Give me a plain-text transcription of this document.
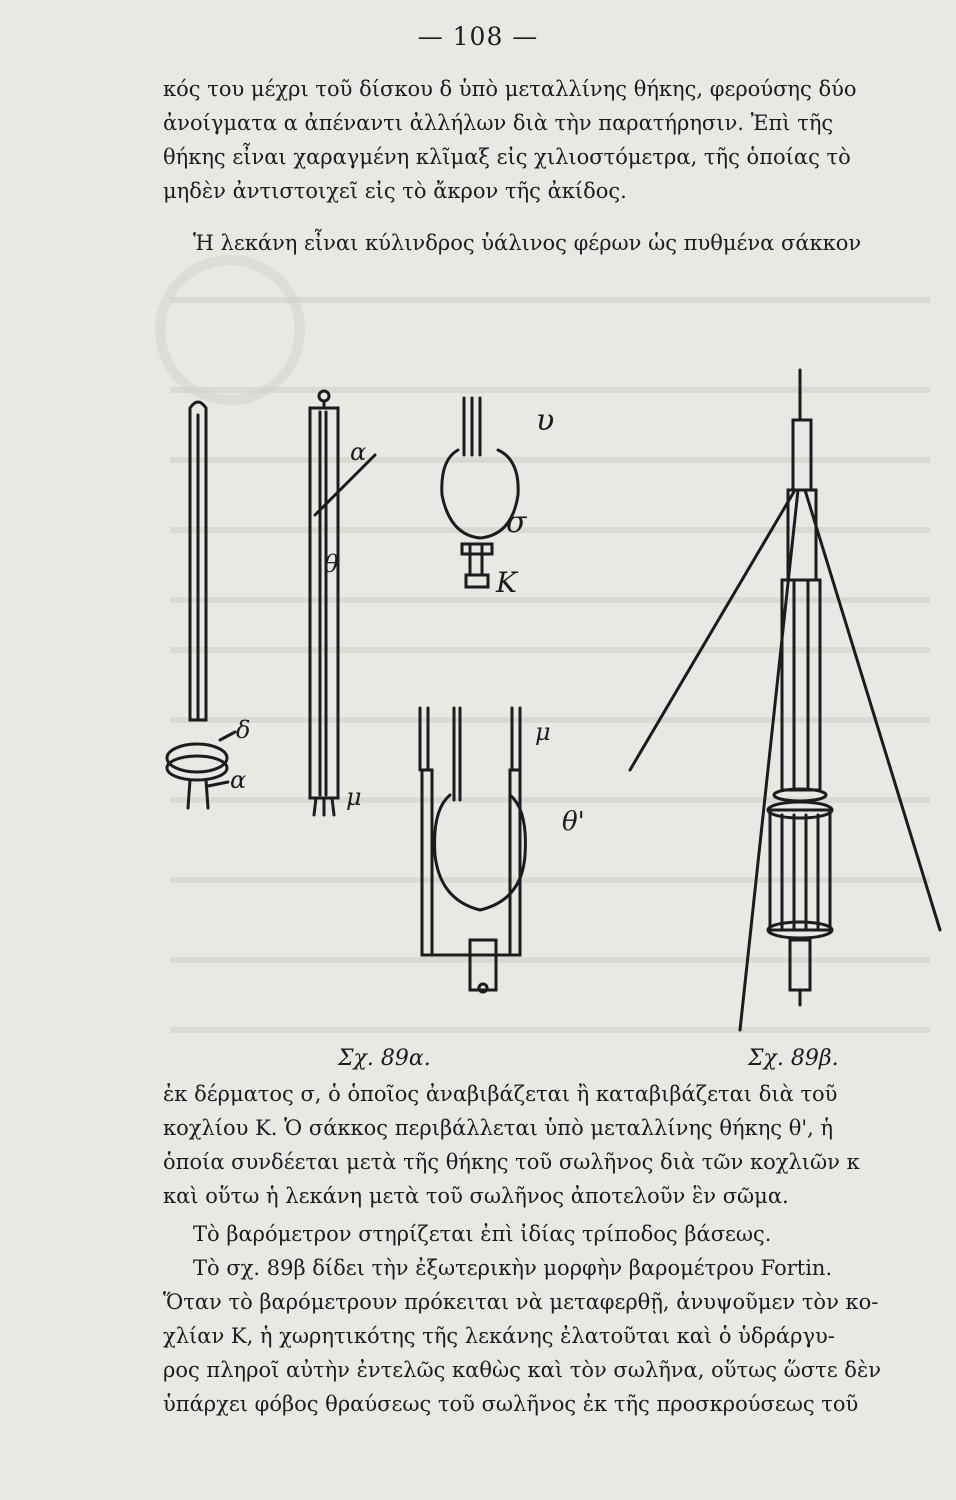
— 108 —
κός του μέχρι τοῦ δίσκου δ ὑπὸ μεταλλίνης θήκης, φερούσης δύο
ἀνοίγματα α ἀπέναντι ἀλλήλων διὰ τὴν παρατήρησιν. Ἐπὶ τῆς
θήκης εἶναι χαραγμένη κλῖμαξ εἰς χιλιοστόμετρα, τῆς ὁποίας τὸ
μηδὲν ἀντιστοιχεῖ εἰς τὸ ἄκρον τῆς ἀκίδος.
Ἡ λεκάνη εἶναι κύλινδρος ὑάλινος φέρων ὡς πυθμένα σάκκον
α
θ
δ
α
μ
υ
σ
Κ
μ
θ'
Σχ. 89α.	Σχ. 89β.
ἐκ δέρματος σ, ὁ ὁποῖος ἀναβιβάζεται ἢ καταβιβάζεται διὰ τοῦ
κοχλίου Κ. Ὁ σάκκος περιβάλλεται ὑπὸ μεταλλίνης θήκης θ', ἡ
ὁποία συνδέεται μετὰ τῆς θήκης τοῦ σωλῆνος διὰ τῶν κοχλιῶν κ
καὶ οὕτω ἡ λεκάνη μετὰ τοῦ σωλῆνος ἀποτελοῦν ἓν σῶμα.
Τὸ βαρόμετρον στηρίζεται ἐπὶ ἰδίας τρίποδος βάσεως.
Τὸ σχ. 89β δίδει τὴν ἐξωτερικὴν μορφὴν βαρομέτρου Fortin.
Ὅταν τὸ βαρόμετρουν πρόκειται νὰ μεταφερθῇ, ἀνυψοῦμεν τὸν κο-
χλίαν Κ, ἡ χωρητικότης τῆς λεκάνης ἐλατοῦται καὶ ὁ ὑδράργυ-
ρος πληροῖ αὐτὴν ἐντελῶς καθὼς καὶ τὸν σωλῆνα, οὕτως ὥστε δὲν
ὑπάρχει φόβος θραύσεως τοῦ σωλῆνος ἐκ τῆς προσκρούσεως τοῦ
